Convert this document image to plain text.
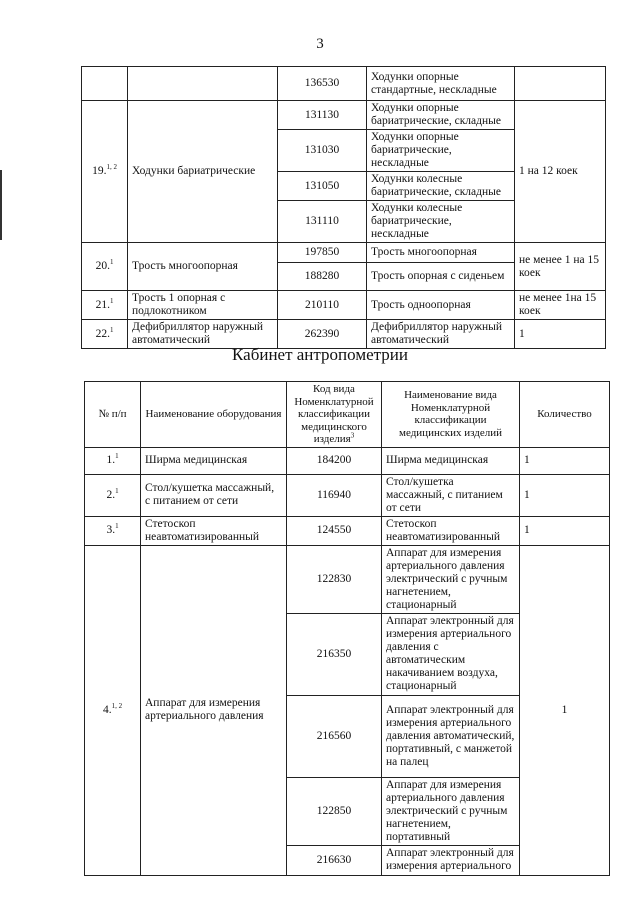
3
		136530	Ходунки опорные стандартные, нескладные	
19.$^{1, 2}$	Ходунки бариатрические	131130	Ходунки опорные бариатрические, складные	1 на 12 коек
		131030	Ходунки опорные бариатрические, нескладные	
		131050	Ходунки колесные бариатрические, складные	
		131110	Ходунки колесные бариатрические, нескладные	
20.$^1$	Трость многоопорная	197850	Трость многоопорная	не менее 1 на 15 коек
		188280	Трость опорная с сиденьем	
21.$^1$	Трость 1 опорная с подлокотником	210110	Трость одноопорная	не менее 1на 15 коек
22.$^1$	Дефибриллятор наружный автоматический	262390	Дефибриллятор наружный автоматический	1
Кабинет антропометрии
№ п/п	Наименование оборудования	Код вида Номенклатурной классификации медицинского изделия$^3$	Наименование вида Номенклатурной классификации медицинских изделий	Количество
1.$^1$	Ширма медицинская	184200	Ширма медицинская	1
2.$^1$	Стол/кушетка массажный, с питанием от сети	116940	Стол/кушетка массажный, с питанием от сети	1
3.$^1$	Стетоскоп неавтоматизированный	124550	Стетоскоп неавтоматизированный	1
4.$^{1, 2}$	Аппарат для измерения артериального давления	122830	Аппарат для измерения артериального давления электрический с ручным нагнетением, стационарный	1
		216350	Аппарат электронный для измерения артериального давления с автоматическим накачиванием воздуха, стационарный	
		216560	Аппарат электронный для измерения артериального давления автоматический, портативный, с манжетой на палец	
		122850	Аппарат для измерения артериального давления электрический с ручным нагнетением, портативный	
		216630	Аппарат электронный для измерения артериального	
